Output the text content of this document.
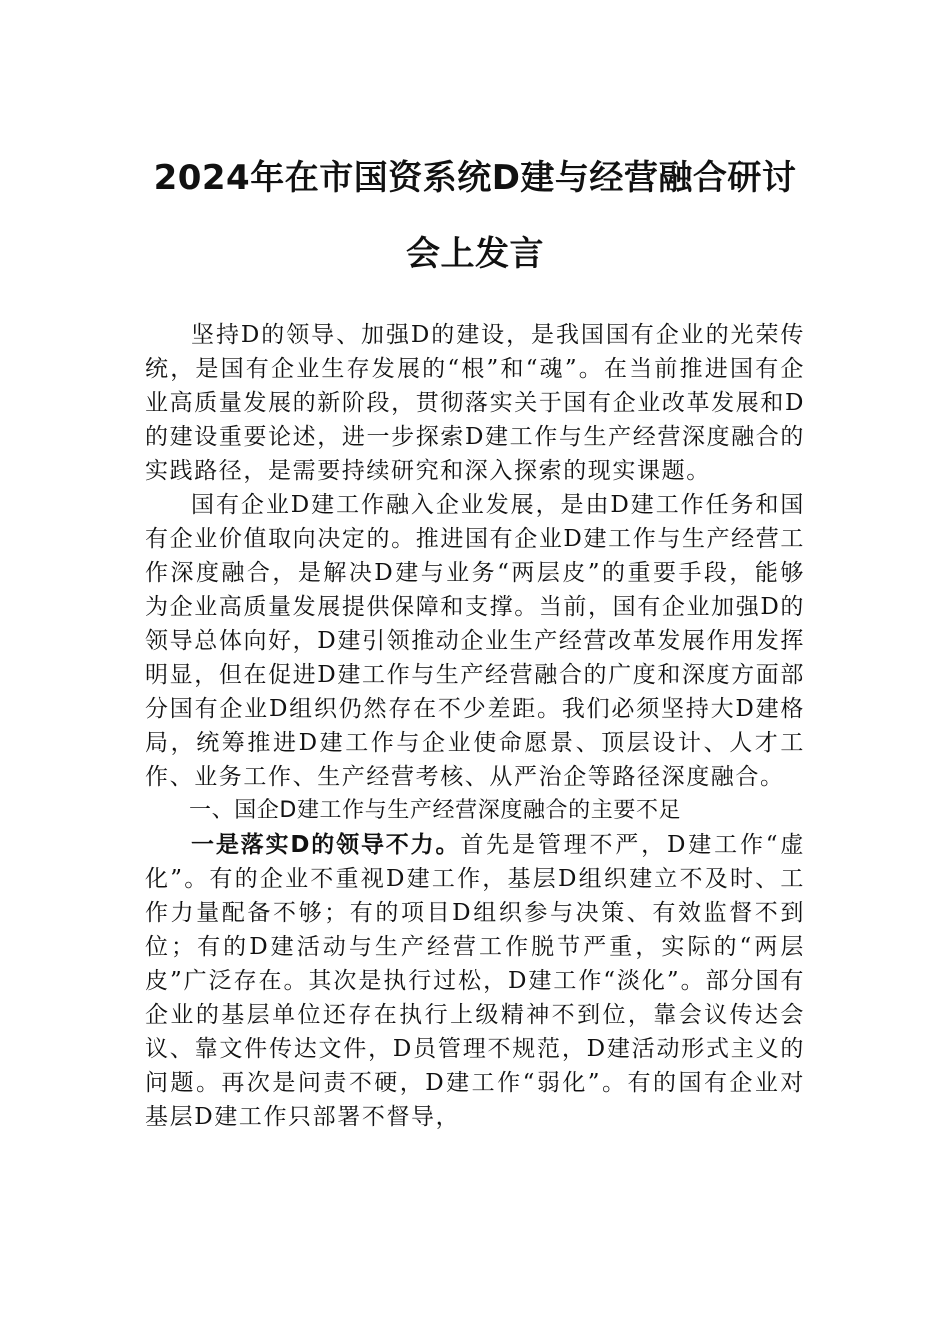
2024年在市国资系统D建与经营融合研讨
会上发言

坚持D的领导、加强D的建设，是我国国有企业的光荣传统，是国有企业生存发展的“根”和“魂”。在当前推进国有企业高质量发展的新阶段，贯彻落实关于国有企业改革发展和D的建设重要论述，进一步探索D建工作与生产经营深度融合的实践路径，是需要持续研究和深入探索的现实课题。

国有企业D建工作融入企业发展，是由D建工作任务和国有企业价值取向决定的。推进国有企业D建工作与生产经营工作深度融合，是解决D建与业务“两层皮”的重要手段，能够为企业高质量发展提供保障和支撑。当前，国有企业加强D的领导总体向好，D建引领推动企业生产经营改革发展作用发挥明显，但在促进D建工作与生产经营融合的广度和深度方面部分国有企业D组织仍然存在不少差距。我们必须坚持大D建格局，统筹推进D建工作与企业使命愿景、顶层设计、人才工作、业务工作、生产经营考核、从严治企等路径深度融合。

一、国企D建工作与生产经营深度融合的主要不足

一是落实D的领导不力。首先是管理不严，D建工作“虚化”。有的企业不重视D建工作，基层D组织建立不及时、工作力量配备不够；有的项目D组织参与决策、有效监督不到位；有的D建活动与生产经营工作脱节严重，实际的“两层皮”广泛存在。其次是执行过松，D建工作“淡化”。部分国有企业的基层单位还存在执行上级精神不到位，靠会议传达会议、靠文件传达文件，D员管理不规范，D建活动形式主义的问题。再次是问责不硬，D建工作“弱化”。有的国有企业对基层D建工作只部署不督导，
